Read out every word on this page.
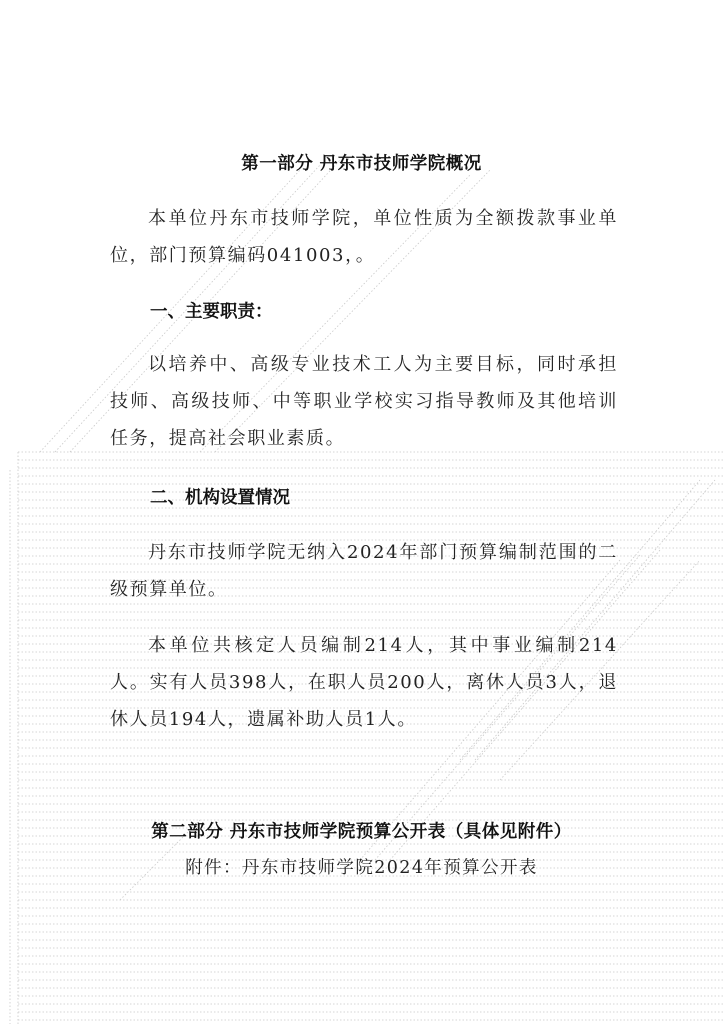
第一部分 丹东市技师学院概况
本单位丹东市技师学院，单位性质为全额拨款事业单位，部门预算编码041003，。
一、主要职责：
以培养中、高级专业技术工人为主要目标，同时承担技师、高级技师、中等职业学校实习指导教师及其他培训任务，提高社会职业素质。
二、机构设置情况
丹东市技师学院无纳入2024年部门预算编制范围的二级预算单位。
本单位共核定人员编制214人，其中事业编制214人。实有人员398人，在职人员200人，离休人员3人，退休人员194人，遗属补助人员1人。
第二部分 丹东市技师学院预算公开表（具体见附件）
附件：丹东市技师学院2024年预算公开表
